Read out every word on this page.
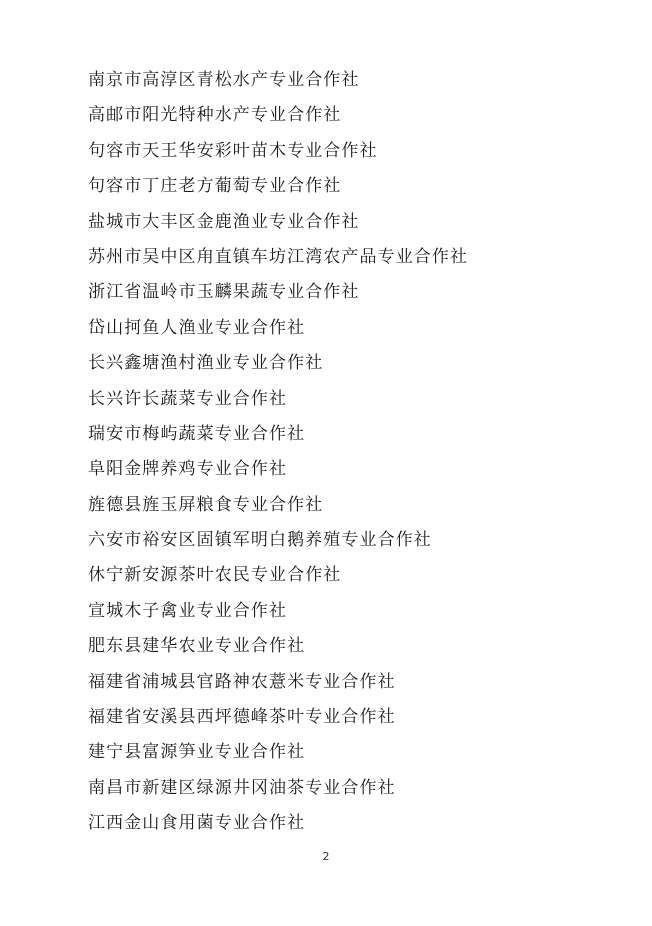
南京市高淳区青松水产专业合作社
高邮市阳光特种水产专业合作社
句容市天王华安彩叶苗木专业合作社
句容市丁庄老方葡萄专业合作社
盐城市大丰区金鹿渔业专业合作社
苏州市吴中区甪直镇车坊江湾农产品专业合作社
浙江省温岭市玉麟果蔬专业合作社
岱山抲鱼人渔业专业合作社
长兴鑫塘渔村渔业专业合作社
长兴许长蔬菜专业合作社
瑞安市梅屿蔬菜专业合作社
阜阳金牌养鸡专业合作社
旌德县旌玉屏粮食专业合作社
六安市裕安区固镇军明白鹅养殖专业合作社
休宁新安源茶叶农民专业合作社
宣城木子禽业专业合作社
肥东县建华农业专业合作社
福建省浦城县官路神农薏米专业合作社
福建省安溪县西坪德峰茶叶专业合作社
建宁县富源笋业专业合作社
南昌市新建区绿源井冈油茶专业合作社
江西金山食用菌专业合作社
2
